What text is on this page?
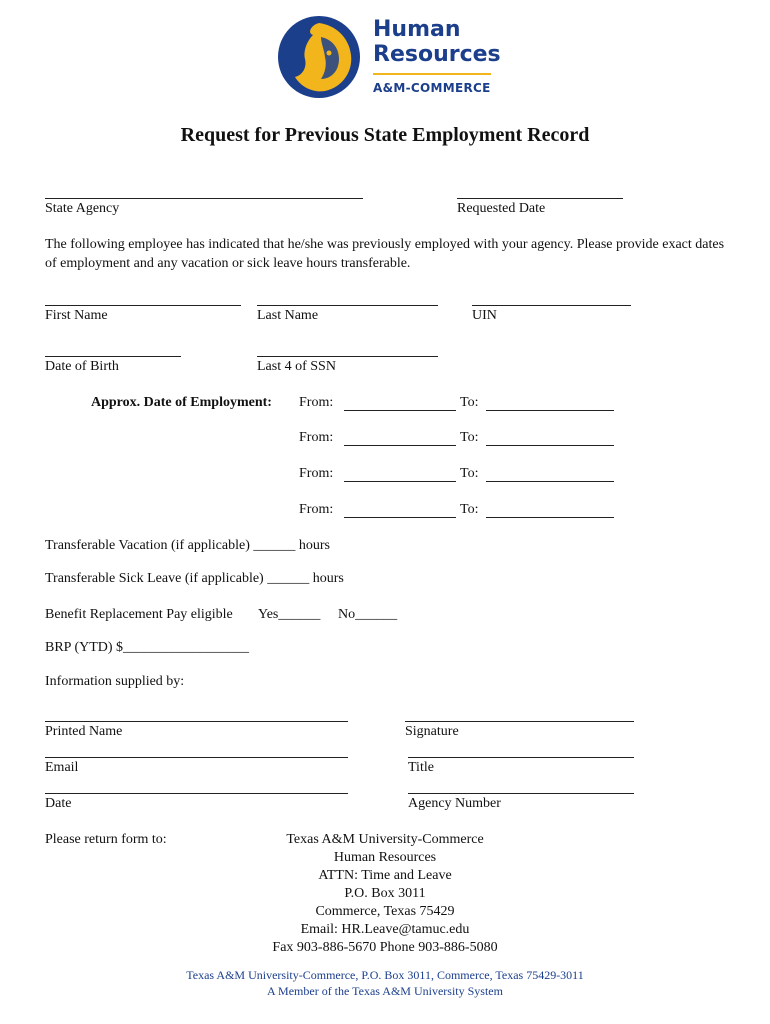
Human
Resources
A&M-COMMERCE
Request for Previous State Employment Record
State Agency	Requested Date
The following employee has indicated that he/she was previously employed with your agency. Please provide exact dates of employment and any vacation or sick leave hours transferable.
First Name	Last Name	UIN
Date of Birth	Last 4 of SSN
Approx. Date of Employment: From:	To:
From:	To:
From:	To:
From:	To:
Transferable Vacation (if applicable) ______ hours
Transferable Sick Leave (if applicable) ______ hours
Benefit Replacement Pay eligible Yes______ No______
BRP (YTD) $__________________
Information supplied by:
Printed Name	Signature
Email	Title
Date	Agency Number
Please return form to:	Texas A&M University-Commerce
Human Resources
ATTN: Time and Leave
P.O. Box 3011
Commerce, Texas 75429
Email: HR.Leave@tamuc.edu
Fax 903-886-5670 Phone 903-886-5080
Texas A&M University-Commerce, P.O. Box 3011, Commerce, Texas 75429-3011
A Member of the Texas A&M University System
